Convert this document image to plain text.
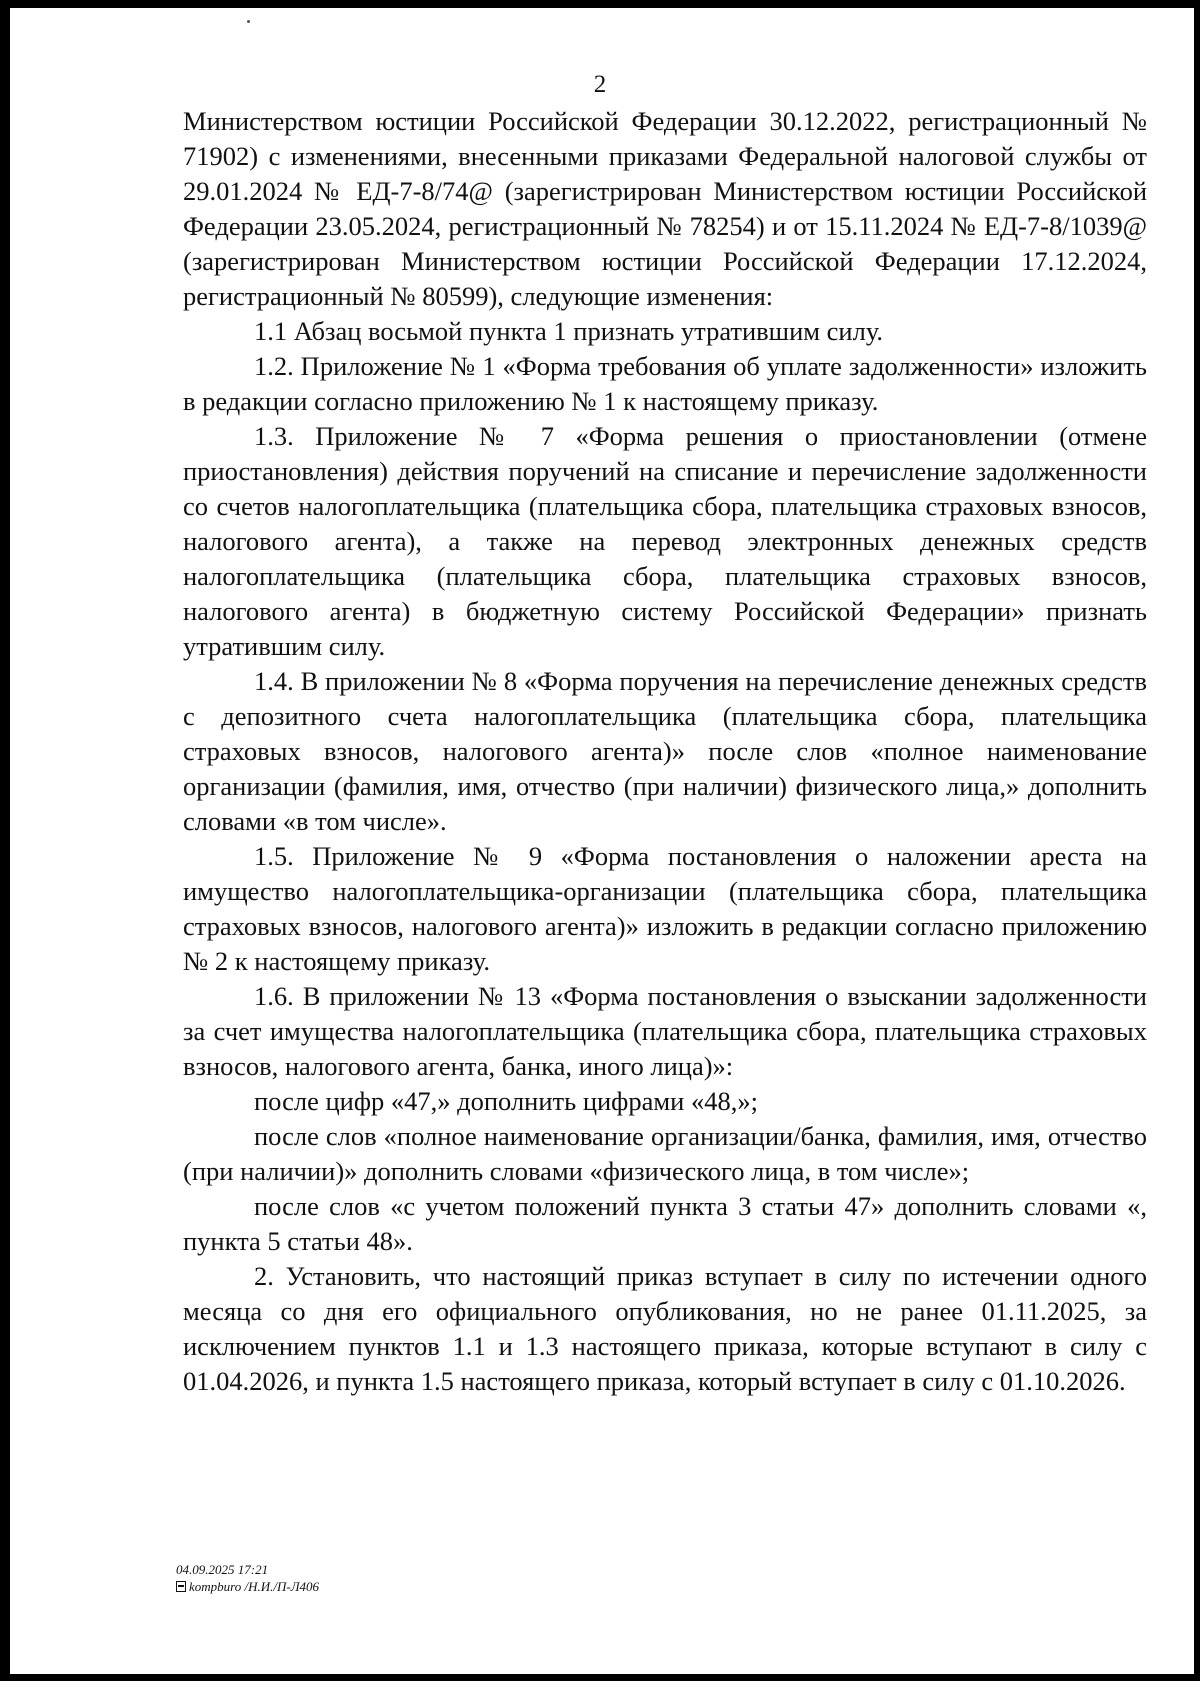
2

Министерством юстиции Российской Федерации 30.12.2022, регистрационный № 71902) с изменениями, внесенными приказами Федеральной налоговой службы от 29.01.2024 № ЕД-7-8/74@ (зарегистрирован Министерством юстиции Российской Федерации 23.05.2024, регистрационный № 78254) и от 15.11.2024 № ЕД-7-8/1039@ (зарегистрирован Министерством юстиции Российской Федерации 17.12.2024, регистрационный № 80599), следующие изменения:

1.1 Абзац восьмой пункта 1 признать утратившим силу.

1.2. Приложение № 1 «Форма требования об уплате задолженности» изложить в редакции согласно приложению № 1 к настоящему приказу.

1.3. Приложение № 7 «Форма решения о приостановлении (отмене приостановления) действия поручений на списание и перечисление задолженности со счетов налогоплательщика (плательщика сбора, плательщика страховых взносов, налогового агента), а также на перевод электронных денежных средств налогоплательщика (плательщика сбора, плательщика страховых взносов, налогового агента) в бюджетную систему Российской Федерации» признать утратившим силу.

1.4. В приложении № 8 «Форма поручения на перечисление денежных средств с депозитного счета налогоплательщика (плательщика сбора, плательщика страховых взносов, налогового агента)» после слов «полное наименование организации (фамилия, имя, отчество (при наличии) физического лица,» дополнить словами «в том числе».

1.5. Приложение № 9 «Форма постановления о наложении ареста на имущество налогоплательщика-организации (плательщика сбора, плательщика страховых взносов, налогового агента)» изложить в редакции согласно приложению № 2 к настоящему приказу.

1.6. В приложении № 13 «Форма постановления о взыскании задолженности за счет имущества налогоплательщика (плательщика сбора, плательщика страховых взносов, налогового агента, банка, иного лица)»:

после цифр «47,» дополнить цифрами «48,»;

после слов «полное наименование организации/банка, фамилия, имя, отчество (при наличии)» дополнить словами «физического лица, в том числе»;

после слов «с учетом положений пункта 3 статьи 47» дополнить словами «, пункта 5 статьи 48».

2. Установить, что настоящий приказ вступает в силу по истечении одного месяца со дня его официального опубликования, но не ранее 01.11.2025, за исключением пунктов 1.1 и 1.3 настоящего приказа, которые вступают в силу с 01.04.2026, и пункта 1.5 настоящего приказа, который вступает в силу с 01.10.2026.

04.09.2025 17:21
kompburo /Н.И./П-Л406
